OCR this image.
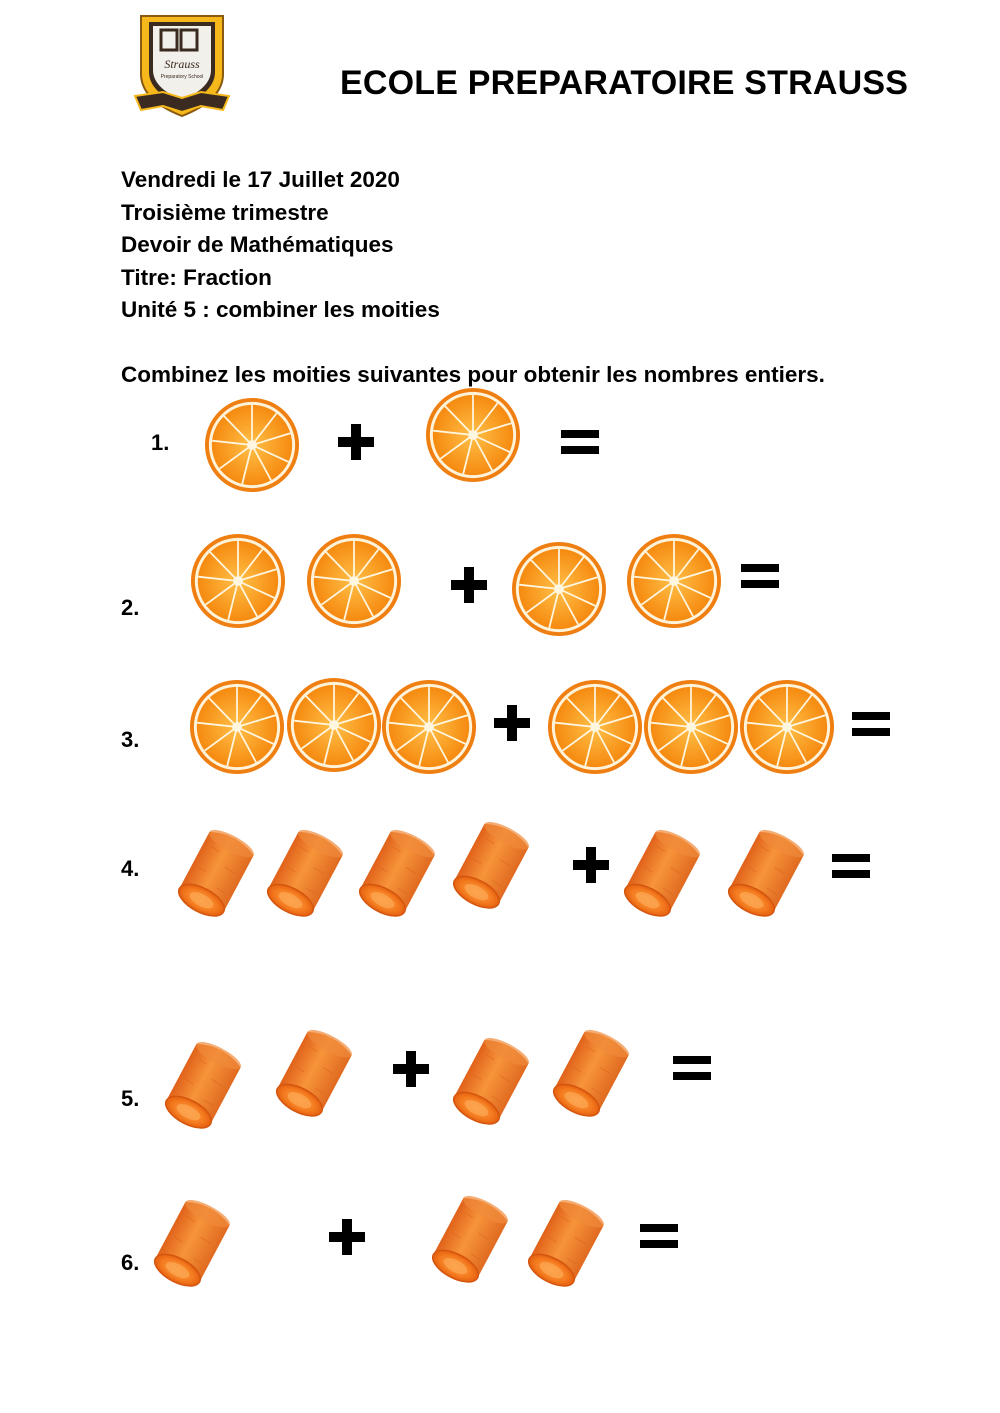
Strauss
Preparatory School	ECOLE PREPARATOIRE STRAUSS
Vendredi le 17 Juillet 2020
Troisième trimestre
Devoir de Mathématiques
Titre: Fraction
Unité 5 : combiner les moities
Combinez les moities suivantes pour obtenir les nombres entiers.
1.
2.
3.
4.
5.
6.
